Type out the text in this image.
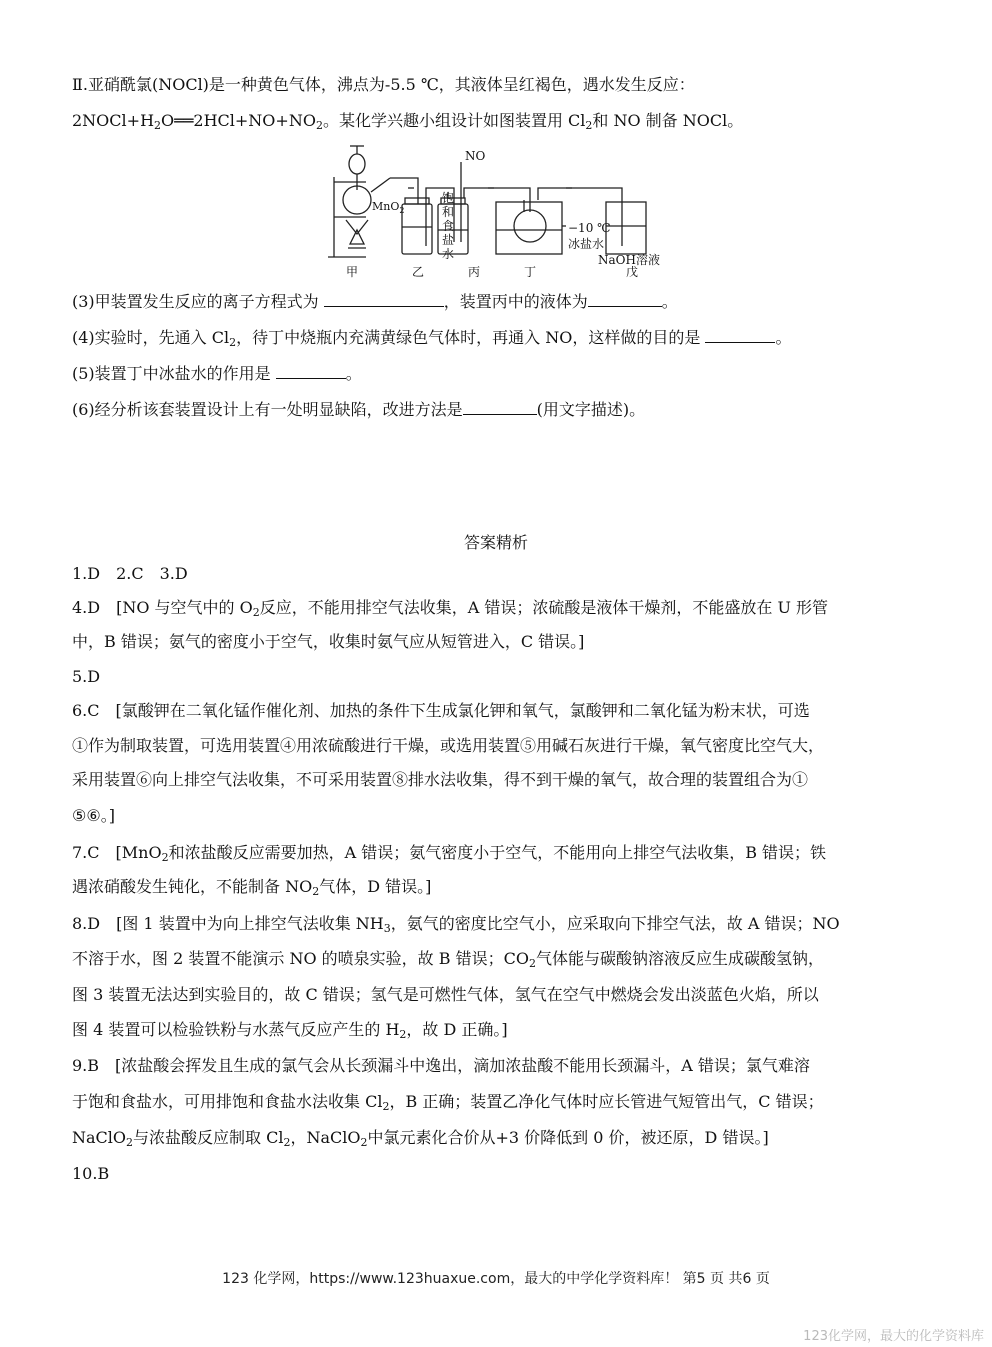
Ⅱ.亚硝酰氯(NOCl)是一种黄色气体，沸点为-5.5 ℃，其液体呈红褐色，遇水发生反应：
$2NOCl+H_2O══2HCl+NO+NO_2$。某化学兴趣小组设计如图装置用 $Cl_2$和 NO 制备 NOCl。
NO
MnO$_2$
饱
和
食
盐
水
−10 ℃
冰盐水
NaOH溶液
甲	乙	丙	丁	戊
(3)甲装置发生反应的离子方程式为	，装置丙中的液体为	。
(4)实验时，先通入 $Cl_2$，待丁中烧瓶内充满黄绿色气体时，再通入 NO，这样做的目的是	。
(5)装置丁中冰盐水的作用是	。
(6)经分析该套装置设计上有一处明显缺陷，改进方法是	(用文字描述)。
答案精析
1.D　2.C　3.D
4.D　[NO 与空气中的 $O_2$反应，不能用排空气法收集，A 错误；浓硫酸是液体干燥剂，不能盛放在 U 形管
中，B 错误；氨气的密度小于空气，收集时氨气应从短管进入，C 错误。]
5.D
6.C　[氯酸钾在二氧化锰作催化剂、加热的条件下生成氯化钾和氧气，氯酸钾和二氧化锰为粉末状，可选
①作为制取装置，可选用装置④用浓硫酸进行干燥，或选用装置⑤用碱石灰进行干燥，氧气密度比空气大，
采用装置⑥向上排空气法收集，不可采用装置⑧排水法收集，得不到干燥的氧气，故合理的装置组合为①
⑤⑥。]
7.C　[MnO$_2$和浓盐酸反应需要加热，A 错误；氨气密度小于空气，不能用向上排空气法收集，B 错误；铁
遇浓硝酸发生钝化，不能制备 $NO_2$气体，D 错误。]
8.D　[图 1 装置中为向上排空气法收集 $NH_3$，氨气的密度比空气小，应采取向下排空气法，故 A 错误；NO
不溶于水，图 2 装置不能演示 NO 的喷泉实验，故 B 错误；$CO_2$气体能与碳酸钠溶液反应生成碳酸氢钠，
图 3 装置无法达到实验目的，故 C 错误；氢气是可燃性气体，氢气在空气中燃烧会发出淡蓝色火焰，所以
图 4 装置可以检验铁粉与水蒸气反应产生的 $H_2$，故 D 正确。]
9.B　[浓盐酸会挥发且生成的氯气会从长颈漏斗中逸出，滴加浓盐酸不能用长颈漏斗，A 错误；氯气难溶
于饱和食盐水，可用排饱和食盐水法收集 $Cl_2$，B 正确；装置乙净化气体时应长管进气短管出气，C 错误；
NaClO$_2$与浓盐酸反应制取 $Cl_2$，NaClO$_2$中氯元素化合价从+3 价降低到 0 价，被还原，D 错误。]
10.B
123 化学网，https://www.123huaxue.com，最大的中学化学资料库！ 第5 页 共6 页
123化学网，最大的化学资料库
